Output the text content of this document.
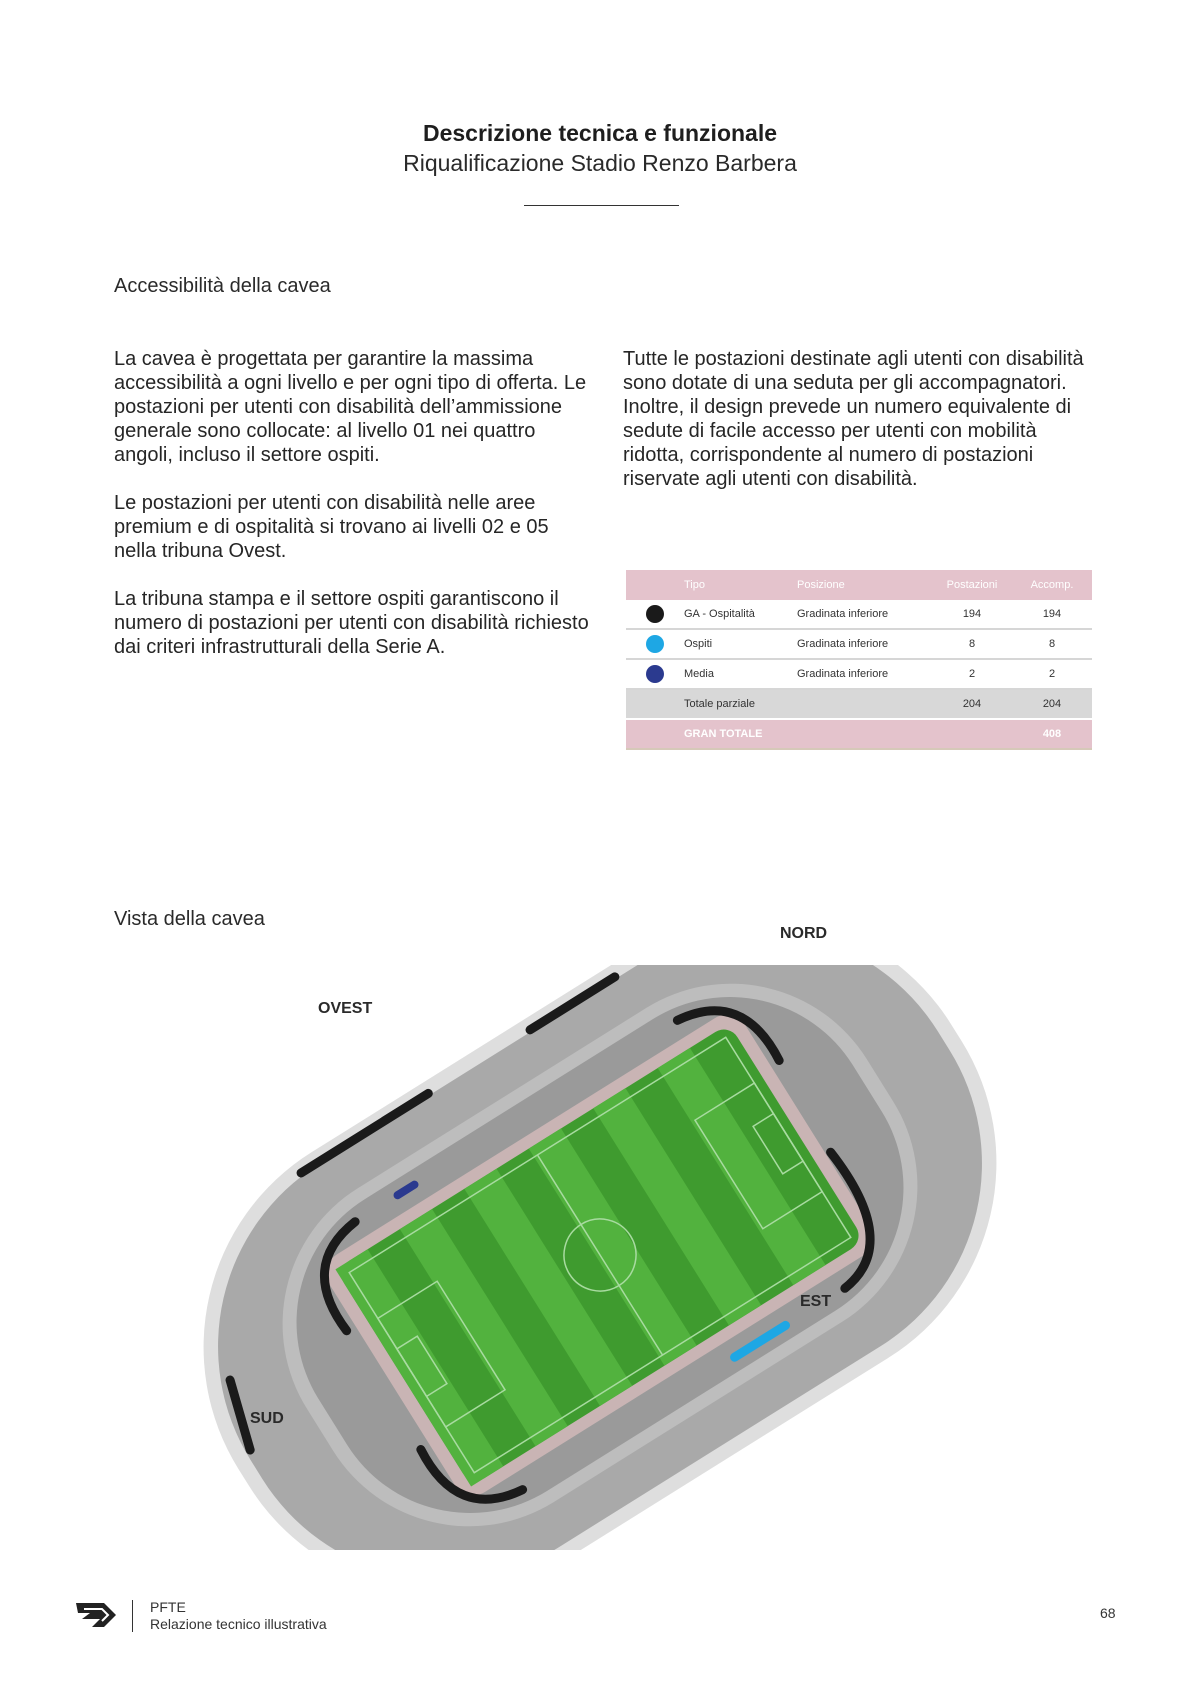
Descrizione tecnica e funzionale
Riqualificazione Stadio Renzo Barbera
Accessibilità della cavea

La cavea è progettata per garantire la massima accessibilità a ogni livello e per ogni tipo di offerta. Le postazioni per utenti con disabilità dell’ammissione generale sono collocate: al livello 01 nei quattro angoli, incluso il settore ospiti.

Le postazioni per utenti con disabilità nelle aree premium e di ospitalità si trovano ai livelli 02 e 05 nella tribuna Ovest.

La tribuna stampa e il settore ospiti garantiscono il numero di postazioni per utenti con disabilità richiesto dai criteri infrastrutturali della Serie A.

Tutte le postazioni destinate agli utenti con disabilità sono dotate di una seduta per gli accompagnatori. Inoltre, il design prevede un numero equivalente di sedute di facile accesso per utenti con mobilità ridotta, corrispondente al numero di postazioni riservate agli utenti con disabilità.

	Tipo	Posizione	Postazioni	Accomp.
	GA - Ospitalità	Gradinata inferiore	194	194
	Ospiti	Gradinata inferiore	8	8
	Media	Gradinata inferiore	2	2
	Totale parziale		204	204
	GRAN TOTALE			408
Vista della cavea
NORD
OVEST
EST
SUD
PFTE
Relazione tecnico illustrativa
68
